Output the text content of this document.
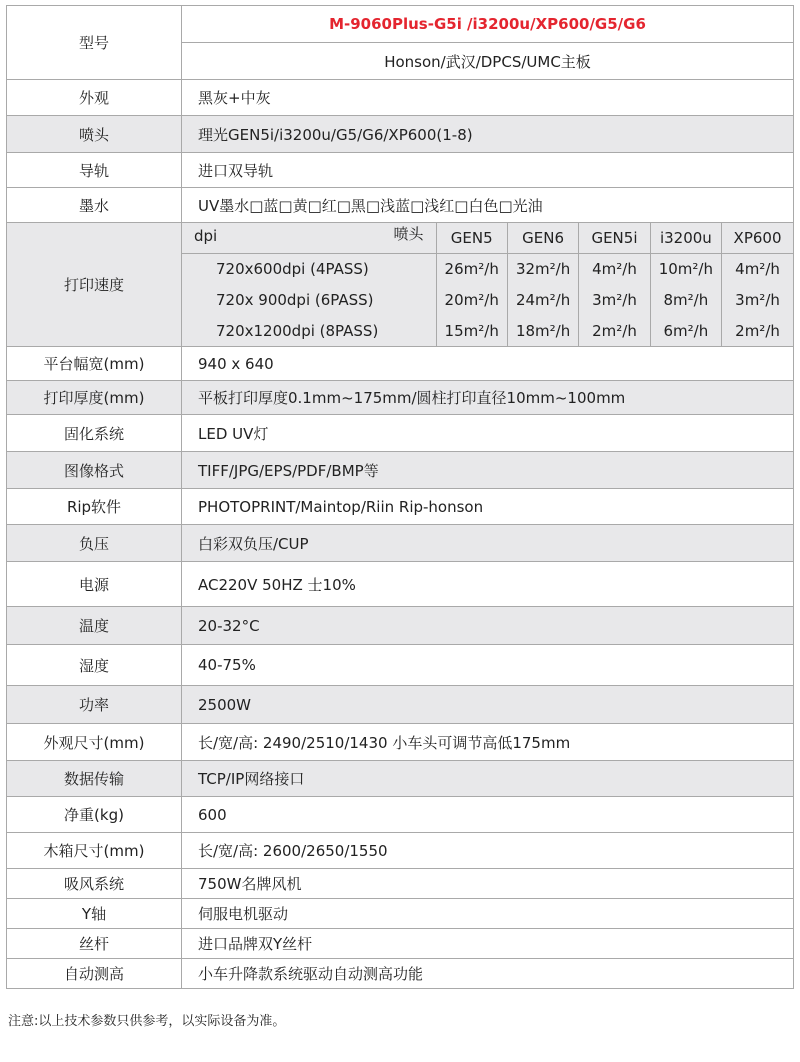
型号	M-9060Plus-G5i /i3200u/XP600/G5/G6
Honson/武汉/DPCS/UMC主板
外观	黑灰+中灰
喷头	理光GEN5i/i3200u/G5/G6/XP600(1-8)
导轨	进口双导轨
墨水	UV墨水□蓝□黄□红□黑□浅蓝□浅红□白色□光油
打印速度	
dpi	喷头	GEN5	GEN6	GEN5i	i3200u	XP600
720x600dpi (4PASS)	26m²/h	32m²/h	4m²/h	10m²/h	4m²/h
720x 900dpi (6PASS)	20m²/h	24m²/h	3m²/h	8m²/h	3m²/h
720x1200dpi (8PASS)	15m²/h	18m²/h	2m²/h	6m²/h	2m²/h

平台幅宽(mm)	940 x 640
打印厚度(mm)	平板打印厚度0.1mm~175mm/圆柱打印直径10mm~100mm
固化系统	LED UV灯
图像格式	TIFF/JPG/EPS/PDF/BMP等
Rip软件	PHOTOPRINT/Maintop/Riin Rip-honson
负压	白彩双负压/CUP
电源	AC220V 50HZ 士10%
温度	20-32°C
湿度	40-75%
功率	2500W
外观尺寸(mm)	长/宽/高: 2490/2510/1430 小车头可调节高低175mm
数据传输	TCP/IP网络接口
净重(kg)	600
木箱尺寸(mm)	长/宽/高: 2600/2650/1550
吸风系统	750W名牌风机
Y轴	伺服电机驱动
丝杆	进口品牌双Y丝杆
自动测高	小车升降款系统驱动自动测高功能
注意:以上技术参数只供参考，以实际设备为准。
